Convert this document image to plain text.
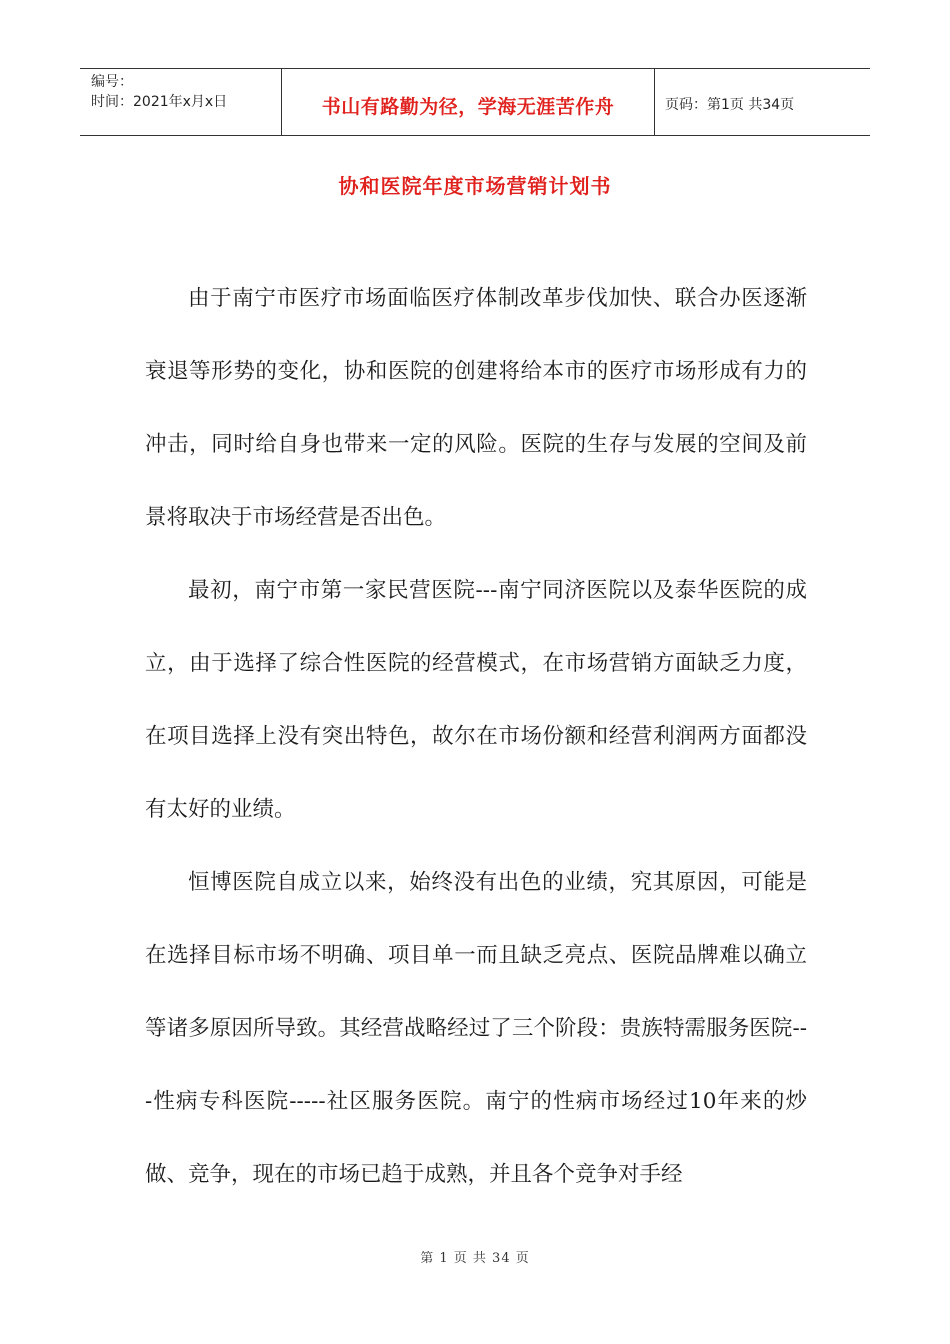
编号：
时间：2021年x月x日	书山有路勤为径，学海无涯苦作舟	页码：第1页 共34页
协和医院年度市场营销计划书

由于南宁市医疗市场面临医疗体制改革步伐加快、联合办医逐渐衰退等形势的变化，协和医院的创建将给本市的医疗市场形成有力的冲击，同时给自身也带来一定的风险。医院的生存与发展的空间及前景将取决于市场经营是否出色。

最初，南宁市第一家民营医院---南宁同济医院以及泰华医院的成立，由于选择了综合性医院的经营模式，在市场营销方面缺乏力度，在项目选择上没有突出特色，故尔在市场份额和经营利润两方面都没有太好的业绩。

恒博医院自成立以来，始终没有出色的业绩，究其原因，可能是在选择目标市场不明确、项目单一而且缺乏亮点、医院品牌难以确立等诸多原因所导致。其经营战略经过了三个阶段：贵族特需服务医院---性病专科医院-----社区服务医院。南宁的性病市场经过10年来的炒做、竞争，现在的市场已趋于成熟，并且各个竞争对手经

第 1 页 共 34 页
